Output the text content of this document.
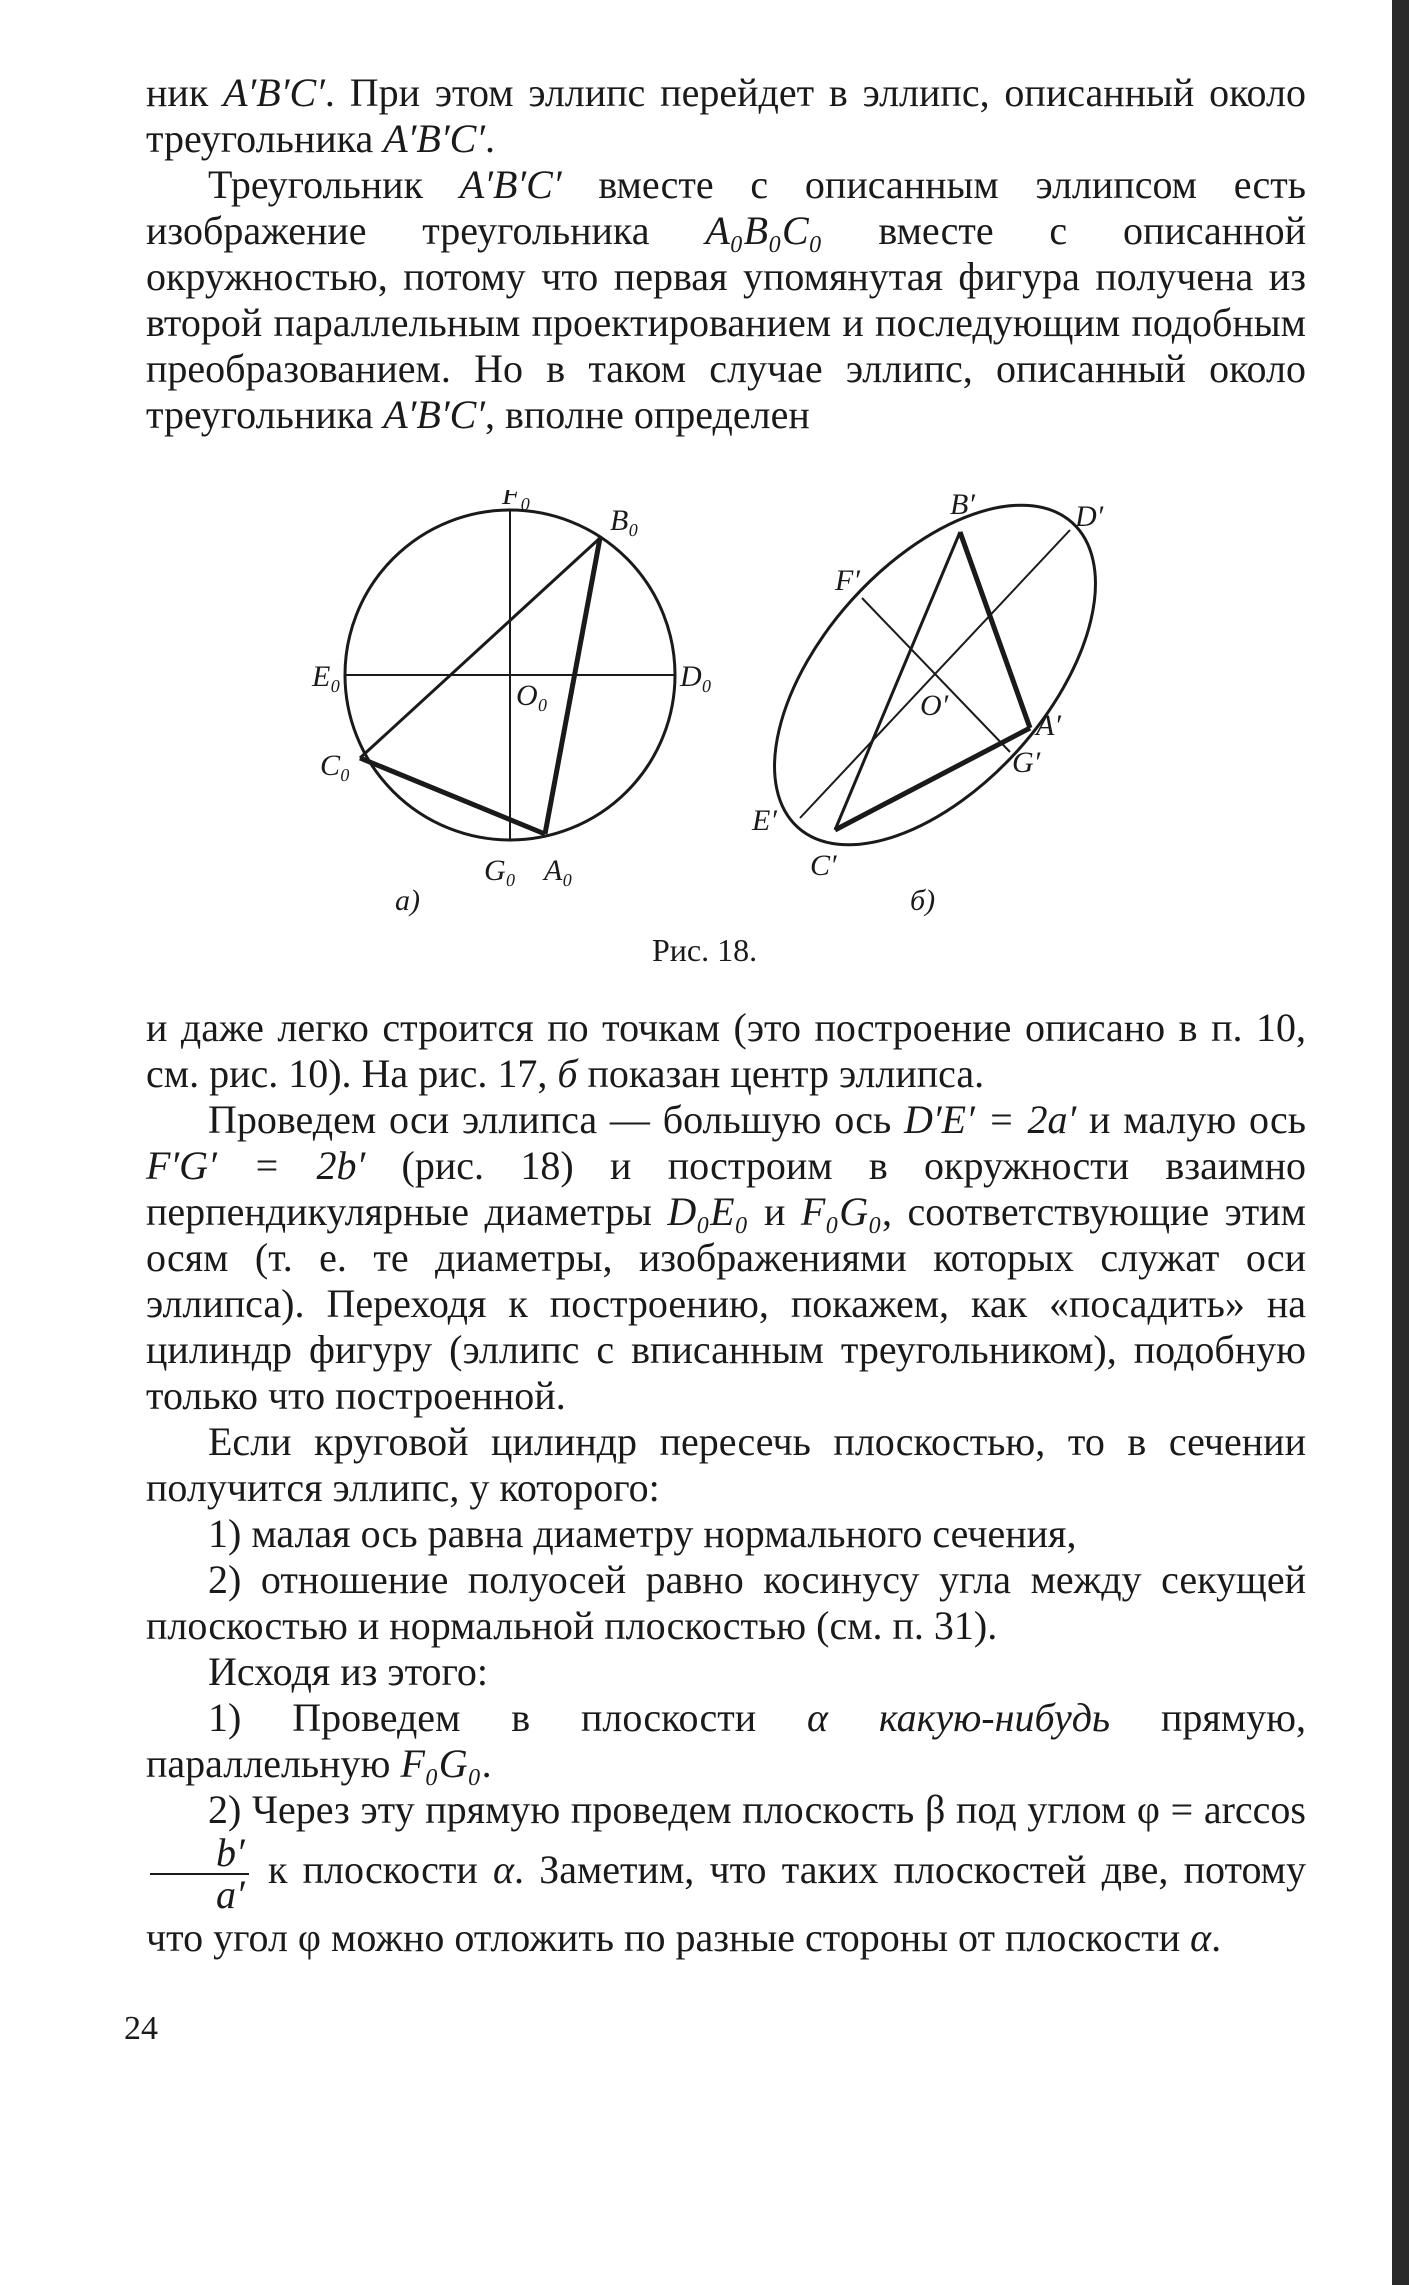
ник A′B′C′. При этом эллипс перейдет в эллипс, описанный около треугольника A′B′C′.

Треугольник A′B′C′ вместе с описанным эллипсом есть изображение треугольника A₀B₀C₀ вместе с описанной окружностью, потому что первая упомянутая фигура получена из второй параллельным проектированием и последующим подобным преобразованием. Но в таком случае эллипс, описанный около треугольника A′B′C′, вполне определен

F₀
B₀
E₀
O₀
D₀
C₀
G₀ A₀
а)
B′	D′
F′
O′
A′
G′
E′
C′
б)
Рис. 18.

и даже легко строится по точкам (это построение описано в п. 10, см. рис. 10). На рис. 17, б показан центр эллипса.

Проведем оси эллипса — большую ось D′E′ = 2a′ и малую ось F′G′ = 2b′ (рис. 18) и построим в окружности взаимно перпендикулярные диаметры D₀E₀ и F₀G₀, соответствующие этим осям (т. е. те диаметры, изображениями которых служат оси эллипса). Переходя к построению, покажем, как «посадить» на цилиндр фигуру (эллипс с вписанным треугольником), подобную только что построенной.

Если круговой цилиндр пересечь плоскостью, то в сечении получится эллипс, у которого:

1) малая ось равна диаметру нормального сечения,

2) отношение полуосей равно косинусу угла между секущей плоскостью и нормальной плоскостью (см. п. 31).

Исходя из этого:

1) Проведем в плоскости α какую-нибудь прямую, параллельную F₀G₀.

2) Через эту прямую проведем плоскость β под углом φ = arccos
$\frac{b'}{a'}$ к плоскости α. Заметим, что таких плоскостей две, потому что угол φ можно отложить по разные стороны от плоскости α.

24
